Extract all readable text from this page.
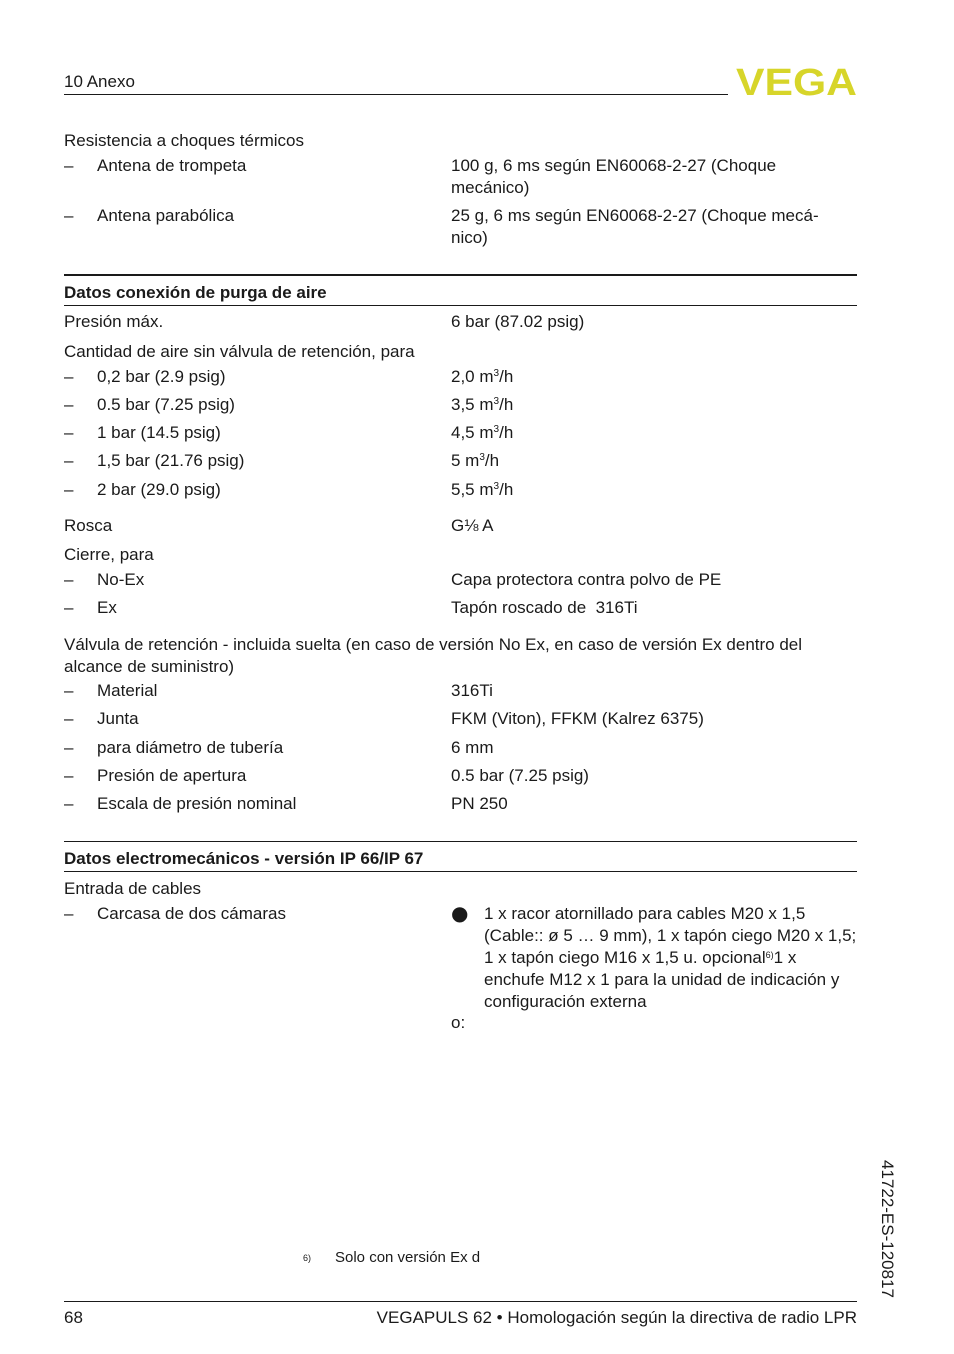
10 Anexo	VEGA
Resistencia a choques térmicos
– Antena de trompeta	100 g, 6 ms según EN60068-2-27 (Choque mecánico)
– Antena parabólica	25 g, 6 ms según EN60068-2-27 (Choque mecá- nico)
Datos conexión de purga de aire
Presión máx.	6 bar (87.02 psig)
Cantidad de aire sin válvula de retención, para
– 0,2 bar (2.9 psig)	2,0 $m^3/h$
– 0.5 bar (7.25 psig)	3,5 $m^3/h$
– 1 bar (14.5 psig)	4,5 $m^3/h$
– 1,5 bar (21.76 psig)	5 $m^3/h$
– 2 bar (29.0 psig)	5,5 $m^3/h$
Rosca	G⅛ A
Cierre, para
– No-Ex	Capa protectora contra polvo de PE
– Ex	Tapón roscado de  316Ti
Válvula de retención - incluida suelta (en caso de versión No Ex, en caso de versión Ex dentro del alcance de suministro)
– Material	316Ti
– Junta	FKM (Viton), FFKM (Kalrez 6375)
– para diámetro de tubería	6 mm
– Presión de apertura	0.5 bar (7.25 psig)
– Escala de presión nominal	PN 250
Datos electromecánicos - versión IP 66/IP 67
Entrada de cables
– Carcasa de dos cámaras	● 1 x racor atornillado para cables M20 x 1,5 (Cable:: ø 5 … 9 mm), 1 x tapón ciego M20 x 1,5; 1 x tapón ciego M16 x 1,5 u. opcional$^{6)}$1 x enchufe M12 x 1 para la unidad de indicación y configuración externa
o:
41722-ES-120817
6) Solo con versión Ex d
68	VEGAPULS 62 • Homologación según la directiva de radio LPR
